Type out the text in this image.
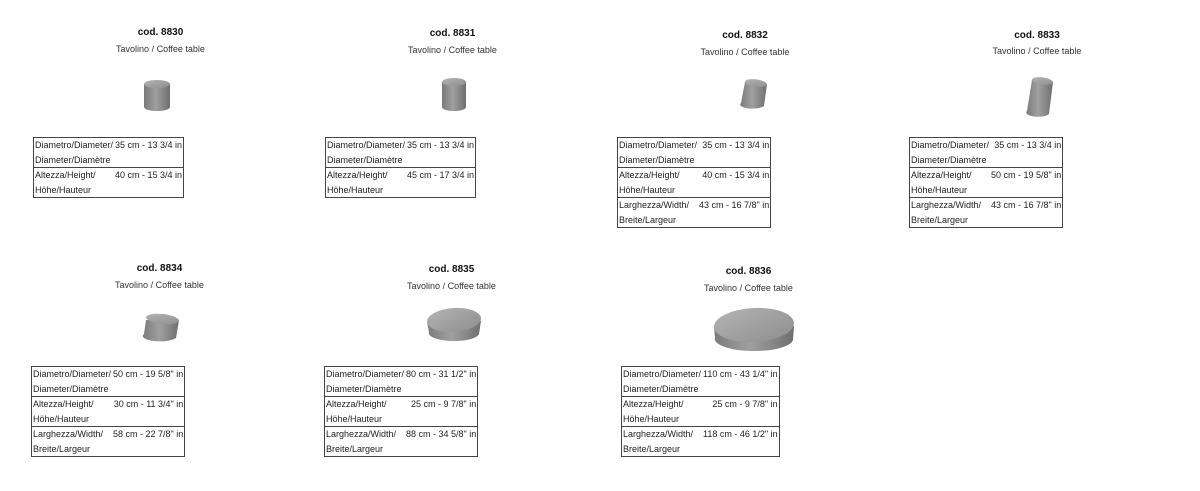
cod. 8830
Tavolino / Coffee table
Diametro/Diameter/
Diameter/Diamètre	35 cm - 13 3/4 in
Altezza/Height/
Höhe/Hauteur	40 cm - 15 3/4 in
cod. 8831
Tavolino / Coffee table
Diametro/Diameter/
Diameter/Diamètre	35 cm - 13 3/4 in
Altezza/Height/
Höhe/Hauteur	45 cm - 17 3/4 in
cod. 8832
Tavolino / Coffee table
Diametro/Diameter/
Diameter/Diamètre	35 cm - 13 3/4 in
Altezza/Height/
Höhe/Hauteur	40 cm - 15 3/4 in
Larghezza/Width/
Breite/Largeur	43 cm - 16 7/8" in
cod. 8833
Tavolino / Coffee table
Diametro/Diameter/
Diameter/Diamètre	35 cm - 13 3/4 in
Altezza/Height/
Höhe/Hauteur	50 cm - 19 5/8" in
Larghezza/Width/
Breite/Largeur	43 cm - 16 7/8" in
cod. 8834
Tavolino / Coffee table
Diametro/Diameter/
Diameter/Diamètre	50 cm - 19 5/8" in
Altezza/Height/
Höhe/Hauteur	30 cm - 11 3/4" in
Larghezza/Width/
Breite/Largeur	58 cm - 22 7/8" in
cod. 8835
Tavolino / Coffee table
Diametro/Diameter/
Diameter/Diamètre	80 cm - 31 1/2" in
Altezza/Height/
Höhe/Hauteur	25 cm - 9 7/8" in
Larghezza/Width/
Breite/Largeur	88 cm - 34 5/8" in
cod. 8836
Tavolino / Coffee table
Diametro/Diameter/
Diameter/Diamètre	110 cm - 43 1/4" in
Altezza/Height/
Höhe/Hauteur	25 cm - 9 7/8" in
Larghezza/Width/
Breite/Largeur	118 cm - 46 1/2" in
